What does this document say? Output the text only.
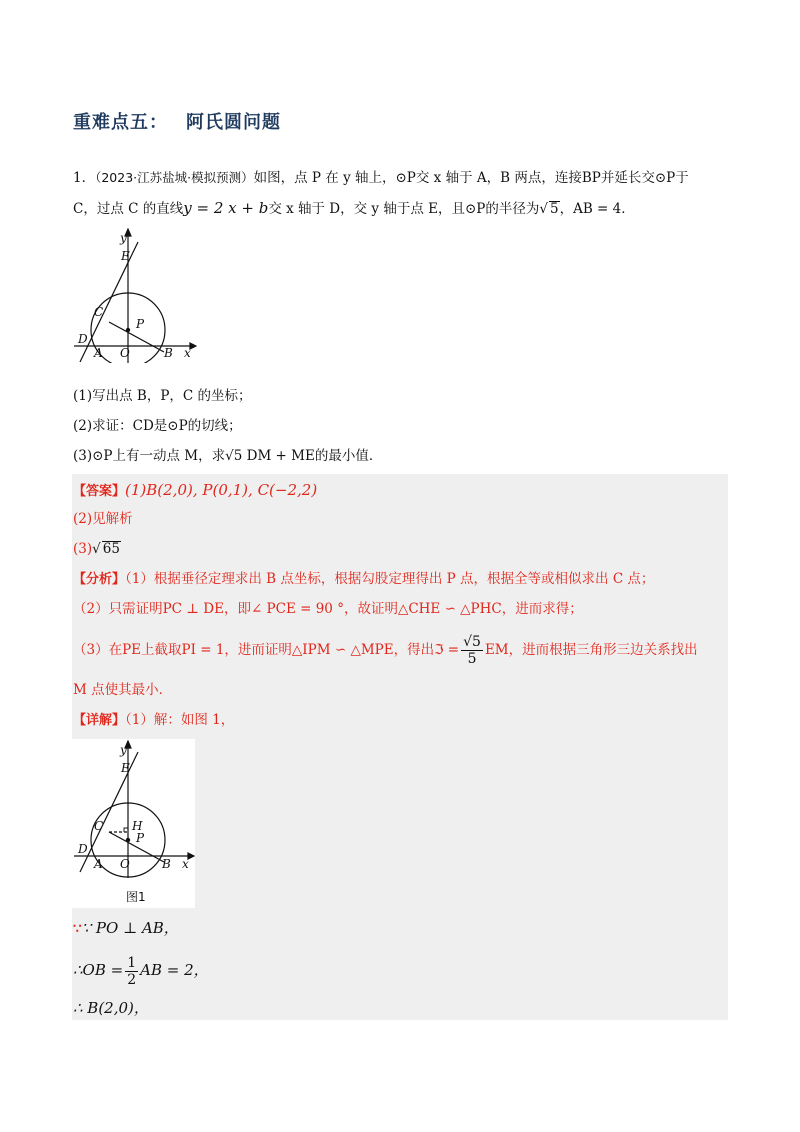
重难点五： 阿氏圆问题
1．（2023·江苏盐城·模拟预测）如图，点 P 在 y 轴上，⊙P交 x 轴于 A，B 两点，连接BP并延长交⊙P于
C，过点 C 的直线y = 2 x + b交 x 轴于 D，交 y 轴于点 E，且⊙P的半径为√ 5，AB = 4．
y
E
C
P
D
A O	B x
(1)写出点 B，P，C 的坐标；
(2)求证：CD是⊙P的切线；
(3)⊙P上有一动点 M，求√5 DM + ME的最小值．
【答案】(1)B(2,0), P(0,1), C(−2,2)
(2)见解析
(3)√ 65
【分析】（1）根据垂径定理求出 B 点坐标，根据勾股定理得出 P 点，根据全等或相似求出 C 点；
（2）只需证明PC ⊥ DE，即∠ PCE = 90 °，故证明△CHE ∽ △PHC，进而求得；
（3）在PE上截取PI = 1，进而证明△IPM ∽ △MPE，得出ℑ = $\frac{√5}{5}$ EM，进而根据三角形三边关系找出
M 点使其最小．
【详解】（1）解：如图 1，
y
E
C H
P
D
A O	B x
图1
∵∵ PO ⊥ AB，
∴OB = $\frac{1}{2}$ AB = 2，
∴ B(2,0)，
